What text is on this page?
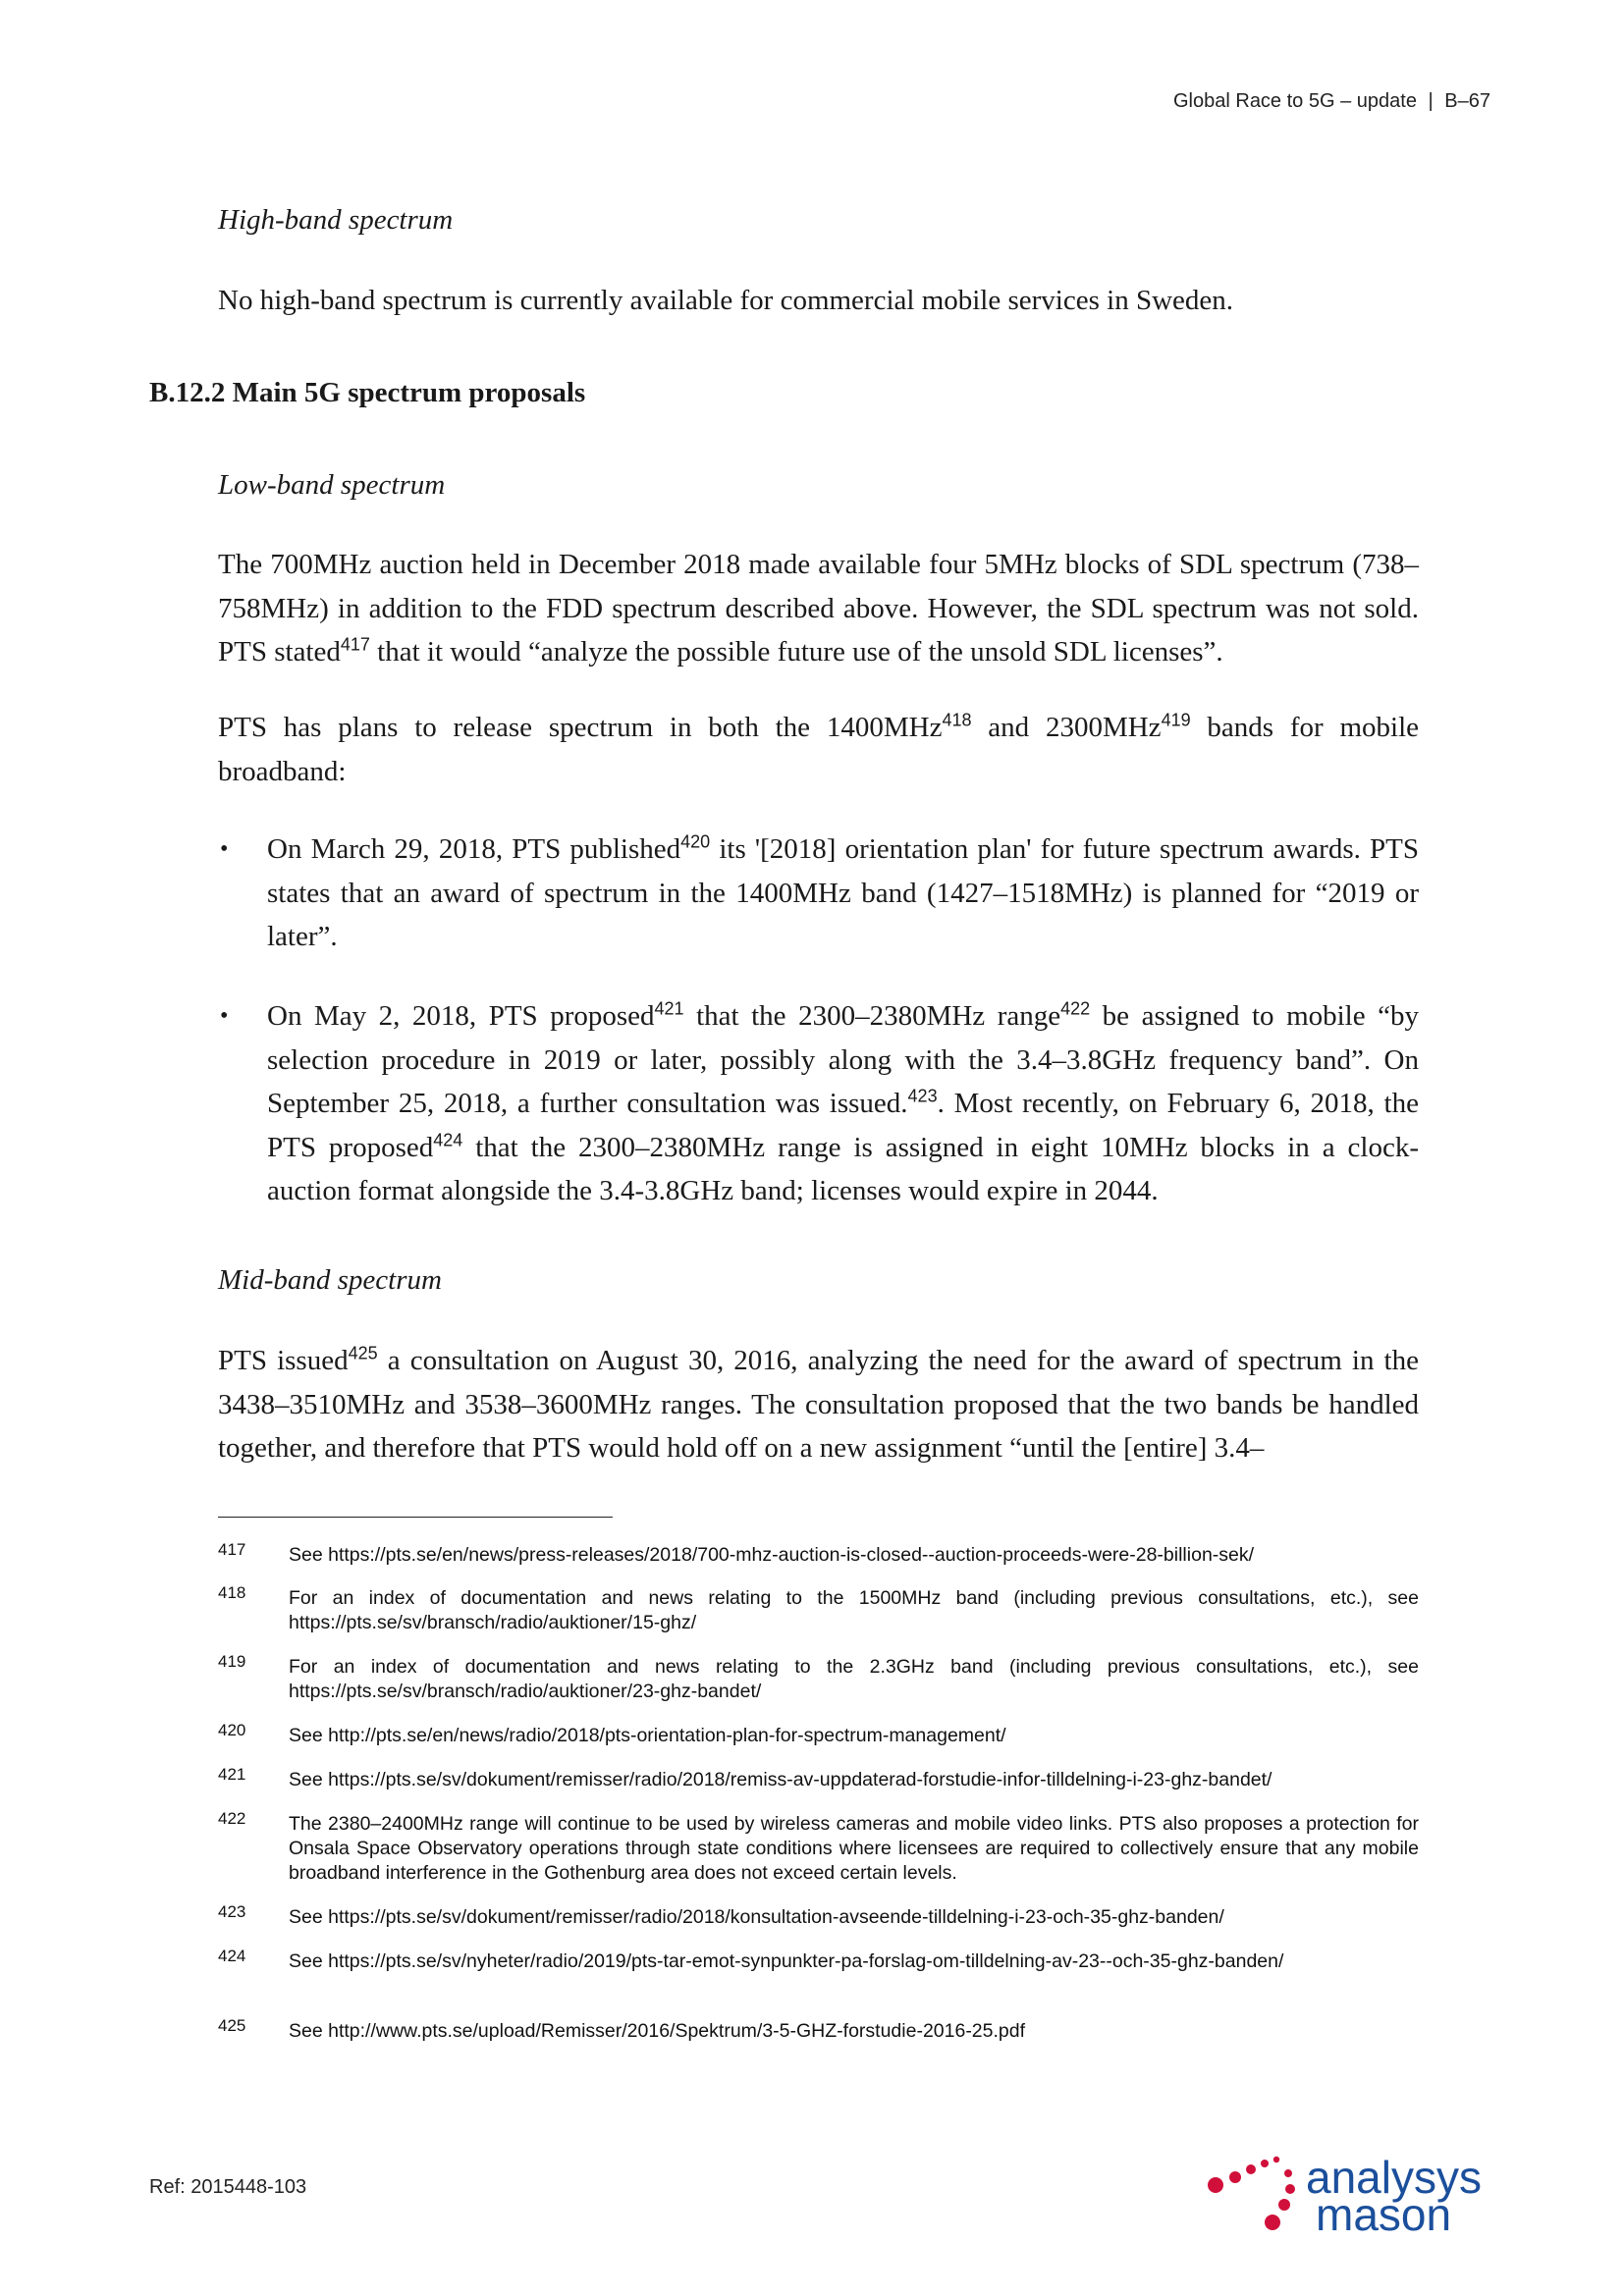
Global Race to 5G – update | B–67
High-band spectrum
No high-band spectrum is currently available for commercial mobile services in Sweden.
B.12.2 Main 5G spectrum proposals
Low-band spectrum
The 700MHz auction held in December 2018 made available four 5MHz blocks of SDL spectrum (738–758MHz) in addition to the FDD spectrum described above. However, the SDL spectrum was not sold. PTS stated$^{417}$ that it would “analyze the possible future use of the unsold SDL licenses”.
PTS has plans to release spectrum in both the 1400MHz$^{418}$ and 2300MHz$^{419}$ bands for mobile broadband:
• On March 29, 2018, PTS published$^{420}$ its '[2018] orientation plan' for future spectrum awards. PTS states that an award of spectrum in the 1400MHz band (1427–1518MHz) is planned for “2019 or later”.
• On May 2, 2018, PTS proposed$^{421}$ that the 2300–2380MHz range$^{422}$ be assigned to mobile “by selection procedure in 2019 or later, possibly along with the 3.4–3.8GHz frequency band”. On September 25, 2018, a further consultation was issued.$^{423}$. Most recently, on February 6, 2018, the PTS proposed$^{424}$ that the 2300–2380MHz range is assigned in eight 10MHz blocks in a clock-auction format alongside the 3.4-3.8GHz band; licenses would expire in 2044.
Mid-band spectrum
PTS issued$^{425}$ a consultation on August 30, 2016, analyzing the need for the award of spectrum in the 3438–3510MHz and 3538–3600MHz ranges. The consultation proposed that the two bands be handled together, and therefore that PTS would hold off on a new assignment “until the [entire] 3.4–
417 See https://pts.se/en/news/press-releases/2018/700-mhz-auction-is-closed--auction-proceeds-were-28-billion-sek/
418 For an index of documentation and news relating to the 1500MHz band (including previous consultations, etc.), see https://pts.se/sv/bransch/radio/auktioner/15-ghz/
419 For an index of documentation and news relating to the 2.3GHz band (including previous consultations, etc.), see https://pts.se/sv/bransch/radio/auktioner/23-ghz-bandet/
420 See http://pts.se/en/news/radio/2018/pts-orientation-plan-for-spectrum-management/
421 See https://pts.se/sv/dokument/remisser/radio/2018/remiss-av-uppdaterad-forstudie-infor-tilldelning-i-23-ghz-bandet/
422 The 2380–2400MHz range will continue to be used by wireless cameras and mobile video links. PTS also proposes a protection for Onsala Space Observatory operations through state conditions where licensees are required to collectively ensure that any mobile broadband interference in the Gothenburg area does not exceed certain levels.
423 See https://pts.se/sv/dokument/remisser/radio/2018/konsultation-avseende-tilldelning-i-23-och-35-ghz-banden/
424 See https://pts.se/sv/nyheter/radio/2019/pts-tar-emot-synpunkter-pa-forslag-om-tilldelning-av-23--och-35-ghz-banden/
425 See http://www.pts.se/upload/Remisser/2016/Spektrum/3-5-GHZ-forstudie-2016-25.pdf
Ref: 2015448-103	analysys
mason
